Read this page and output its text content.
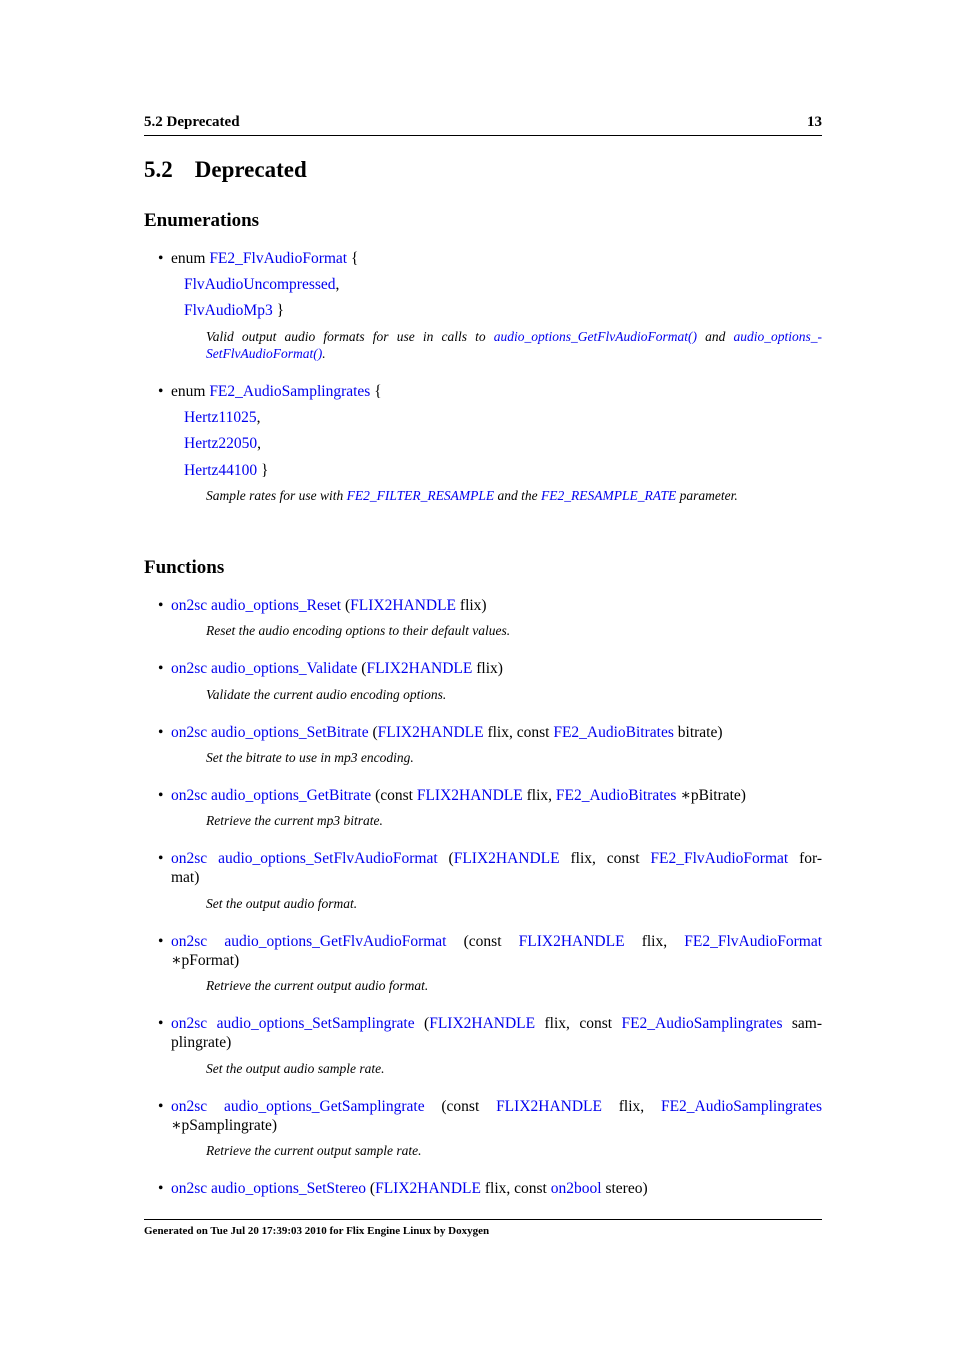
5.2 Deprecated	13
5.2 Deprecated
Enumerations
• enum FE2_FlvAudioFormat {
FlvAudioUncompressed,
FlvAudioMp3 }
Valid output audio formats for use in calls to audio_options_GetFlvAudioFormat() and audio_options_-
SetFlvAudioFormat().
• enum FE2_AudioSamplingrates {
Hertz11025,
Hertz22050,
Hertz44100 }
Sample rates for use with FE2_FILTER_RESAMPLE and the FE2_RESAMPLE_RATE parameter.
Functions
• on2sc audio_options_Reset (FLIX2HANDLE flix)
Reset the audio encoding options to their default values.
• on2sc audio_options_Validate (FLIX2HANDLE flix)
Validate the current audio encoding options.
• on2sc audio_options_SetBitrate (FLIX2HANDLE flix, const FE2_AudioBitrates bitrate)
Set the bitrate to use in mp3 encoding.
• on2sc audio_options_GetBitrate (const FLIX2HANDLE flix, FE2_AudioBitrates ∗pBitrate)
Retrieve the current mp3 bitrate.
• on2sc audio_options_SetFlvAudioFormat (FLIX2HANDLE flix, const FE2_FlvAudioFormat for-
mat)
Set the output audio format.
• on2sc audio_options_GetFlvAudioFormat (const FLIX2HANDLE flix, FE2_FlvAudioFormat
∗pFormat)
Retrieve the current output audio format.
• on2sc audio_options_SetSamplingrate (FLIX2HANDLE flix, const FE2_AudioSamplingrates sam-
plingrate)
Set the output audio sample rate.
• on2sc audio_options_GetSamplingrate (const FLIX2HANDLE flix, FE2_AudioSamplingrates
∗pSamplingrate)
Retrieve the current output sample rate.
• on2sc audio_options_SetStereo (FLIX2HANDLE flix, const on2bool stereo)
Generated on Tue Jul 20 17:39:03 2010 for Flix Engine Linux by Doxygen
